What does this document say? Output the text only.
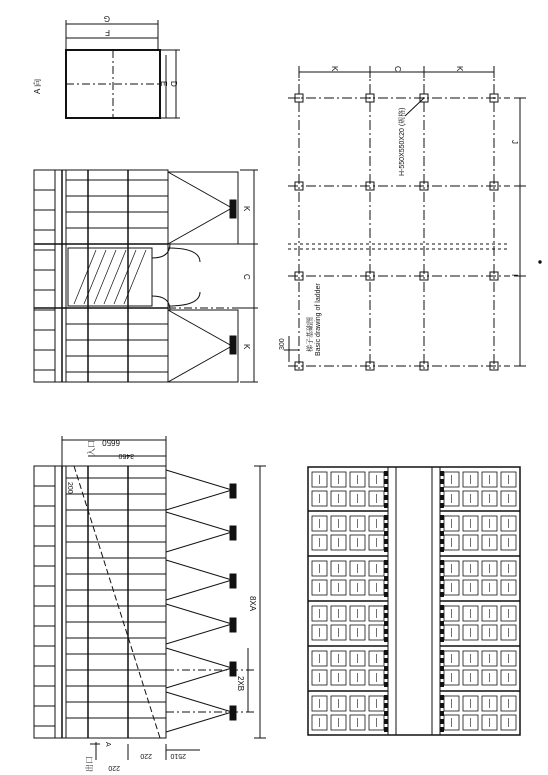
G
F
E D
A 向
K
C
K
K	C	K
J
I
H-550X550X20 (规格)
梯子基础图 Basic drawing of ladder
300
6650
3450
入口
200
8XA
2XB
2510
220
220
出口
A
